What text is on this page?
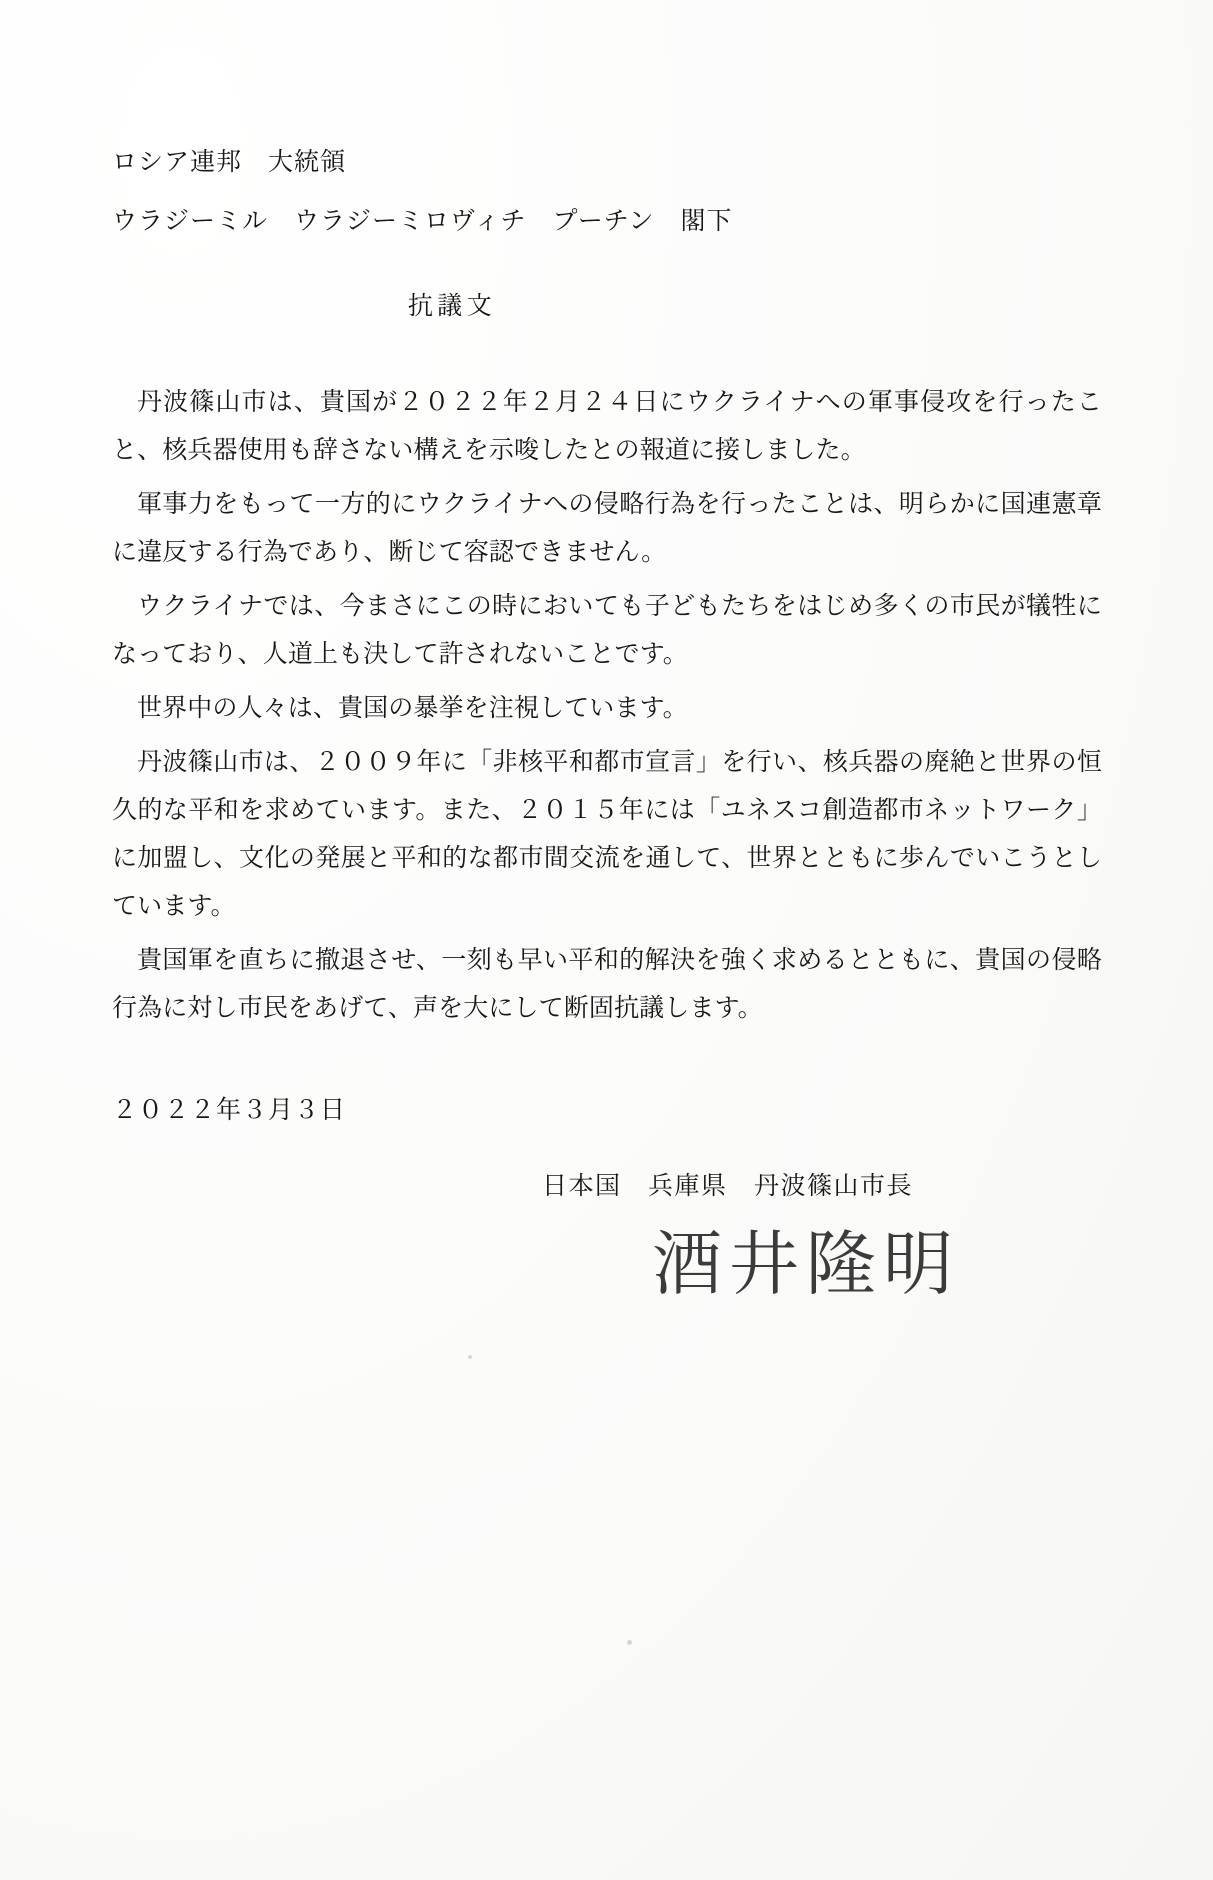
ロシア連邦　大統領
ウラジーミル　ウラジーミロヴィチ　プーチン　閣下
抗議文

丹波篠山市は、貴国が２０２２年２月２４日にウクライナへの軍事侵攻を行ったこと、核兵器使用も辞さない構えを示唆したとの報道に接しました。

軍事力をもって一方的にウクライナへの侵略行為を行ったことは、明らかに国連憲章に違反する行為であり、断じて容認できません。

ウクライナでは、今まさにこの時においても子どもたちをはじめ多くの市民が犠牲になっており、人道上も決して許されないことです。

世界中の人々は、貴国の暴挙を注視しています。

丹波篠山市は、２００９年に「非核平和都市宣言」を行い、核兵器の廃絶と世界の恒久的な平和を求めています。また、２０１５年には「ユネスコ創造都市ネットワーク」に加盟し、文化の発展と平和的な都市間交流を通して、世界とともに歩んでいこうとしています。

貴国軍を直ちに撤退させ、一刻も早い平和的解決を強く求めるとともに、貴国の侵略行為に対し市民をあげて、声を大にして断固抗議します。

２０２２年３月３日
日本国　兵庫県　丹波篠山市長
酒井隆明
